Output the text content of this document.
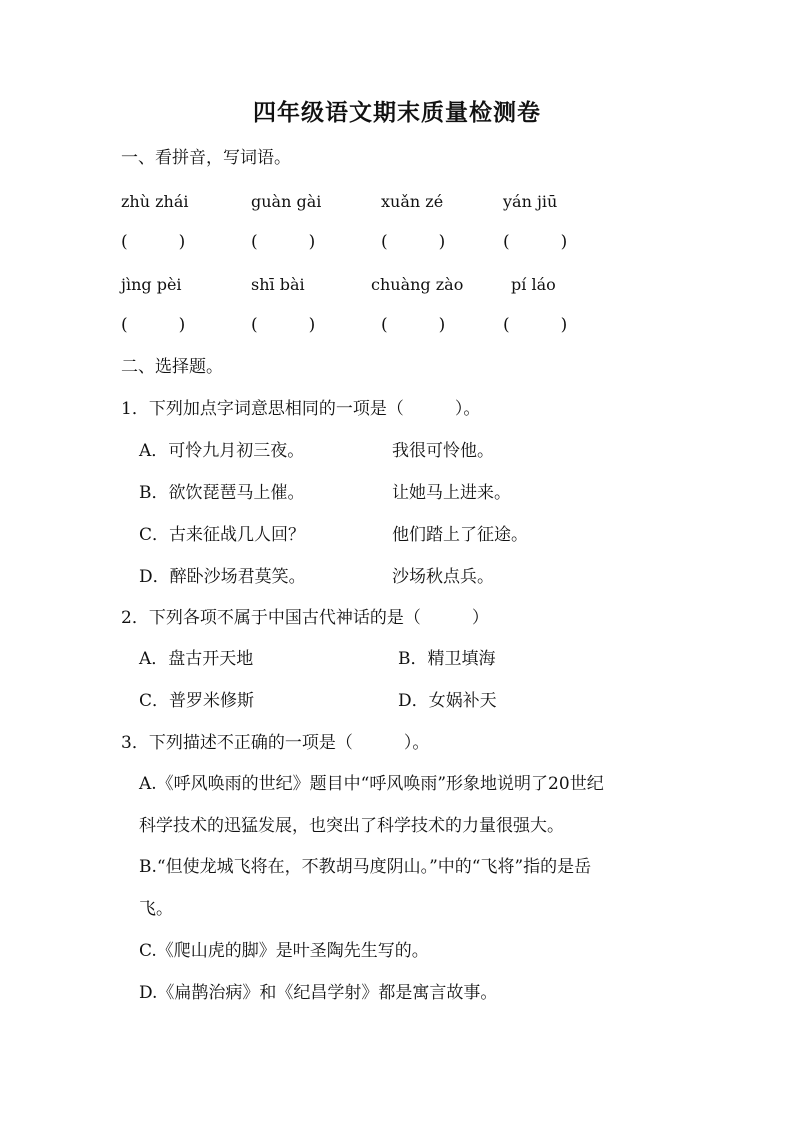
四年级语文期末质量检测卷
一、看拼音，写词语。
zhù zhái	guàn gài	xuǎn zé	yán jiū
(　　　)	(　　　)	(　　　)	(　　　)
jìng pèi	shī bài	chuàng zào	pí láo
(　　　)	(　　　)	(　　　)	(　　　)
二、选择题。
1．下列加点字词意思相同的一项是（　　　）。
A．可怜九月初三夜。	我很可怜他。
B．欲饮琵琶马上催。	让她马上进来。
C．古来征战几人回？	他们踏上了征途。
D．醉卧沙场君莫笑。	沙场秋点兵。
2．下列各项不属于中国古代神话的是（　　　）
A．盘古开天地	B．精卫填海
C．普罗米修斯	D．女娲补天
3．下列描述不正确的一项是（　　　）。
A.《呼风唤雨的世纪》题目中“呼风唤雨”形象地说明了20世纪
科学技术的迅猛发展，也突出了科学技术的力量很强大。
B.“但使龙城飞将在，不教胡马度阴山。”中的“飞将”指的是岳
飞。
C.《爬山虎的脚》是叶圣陶先生写的。
D.《扁鹊治病》和《纪昌学射》都是寓言故事。
